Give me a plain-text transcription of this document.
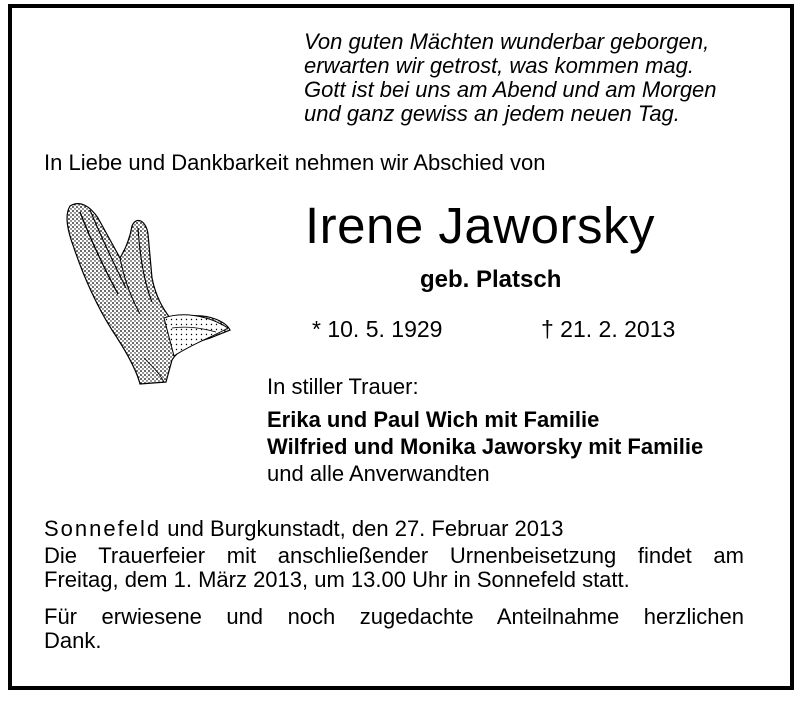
Von guten Mächten wunderbar geborgen,
erwarten wir getrost, was kommen mag.
Gott ist bei uns am Abend und am Morgen
und ganz gewiss an jedem neuen Tag.
In Liebe und Dankbarkeit nehmen wir Abschied von
Irene Jaworsky
geb. Platsch
* 10. 5. 1929	† 21. 2. 2013
In stiller Trauer:
Erika und Paul Wich mit Familie
Wilfried und Monika Jaworsky mit Familie
und alle Anverwandten
Sonnefeld und Burgkunstadt, den 27. Februar 2013
Die Trauerfeier mit anschließender Urnenbeisetzung findet am
Freitag, dem 1. März 2013, um 13.00 Uhr in Sonnefeld statt.
Für erwiesene und noch zugedachte Anteilnahme herzlichen
Dank.
